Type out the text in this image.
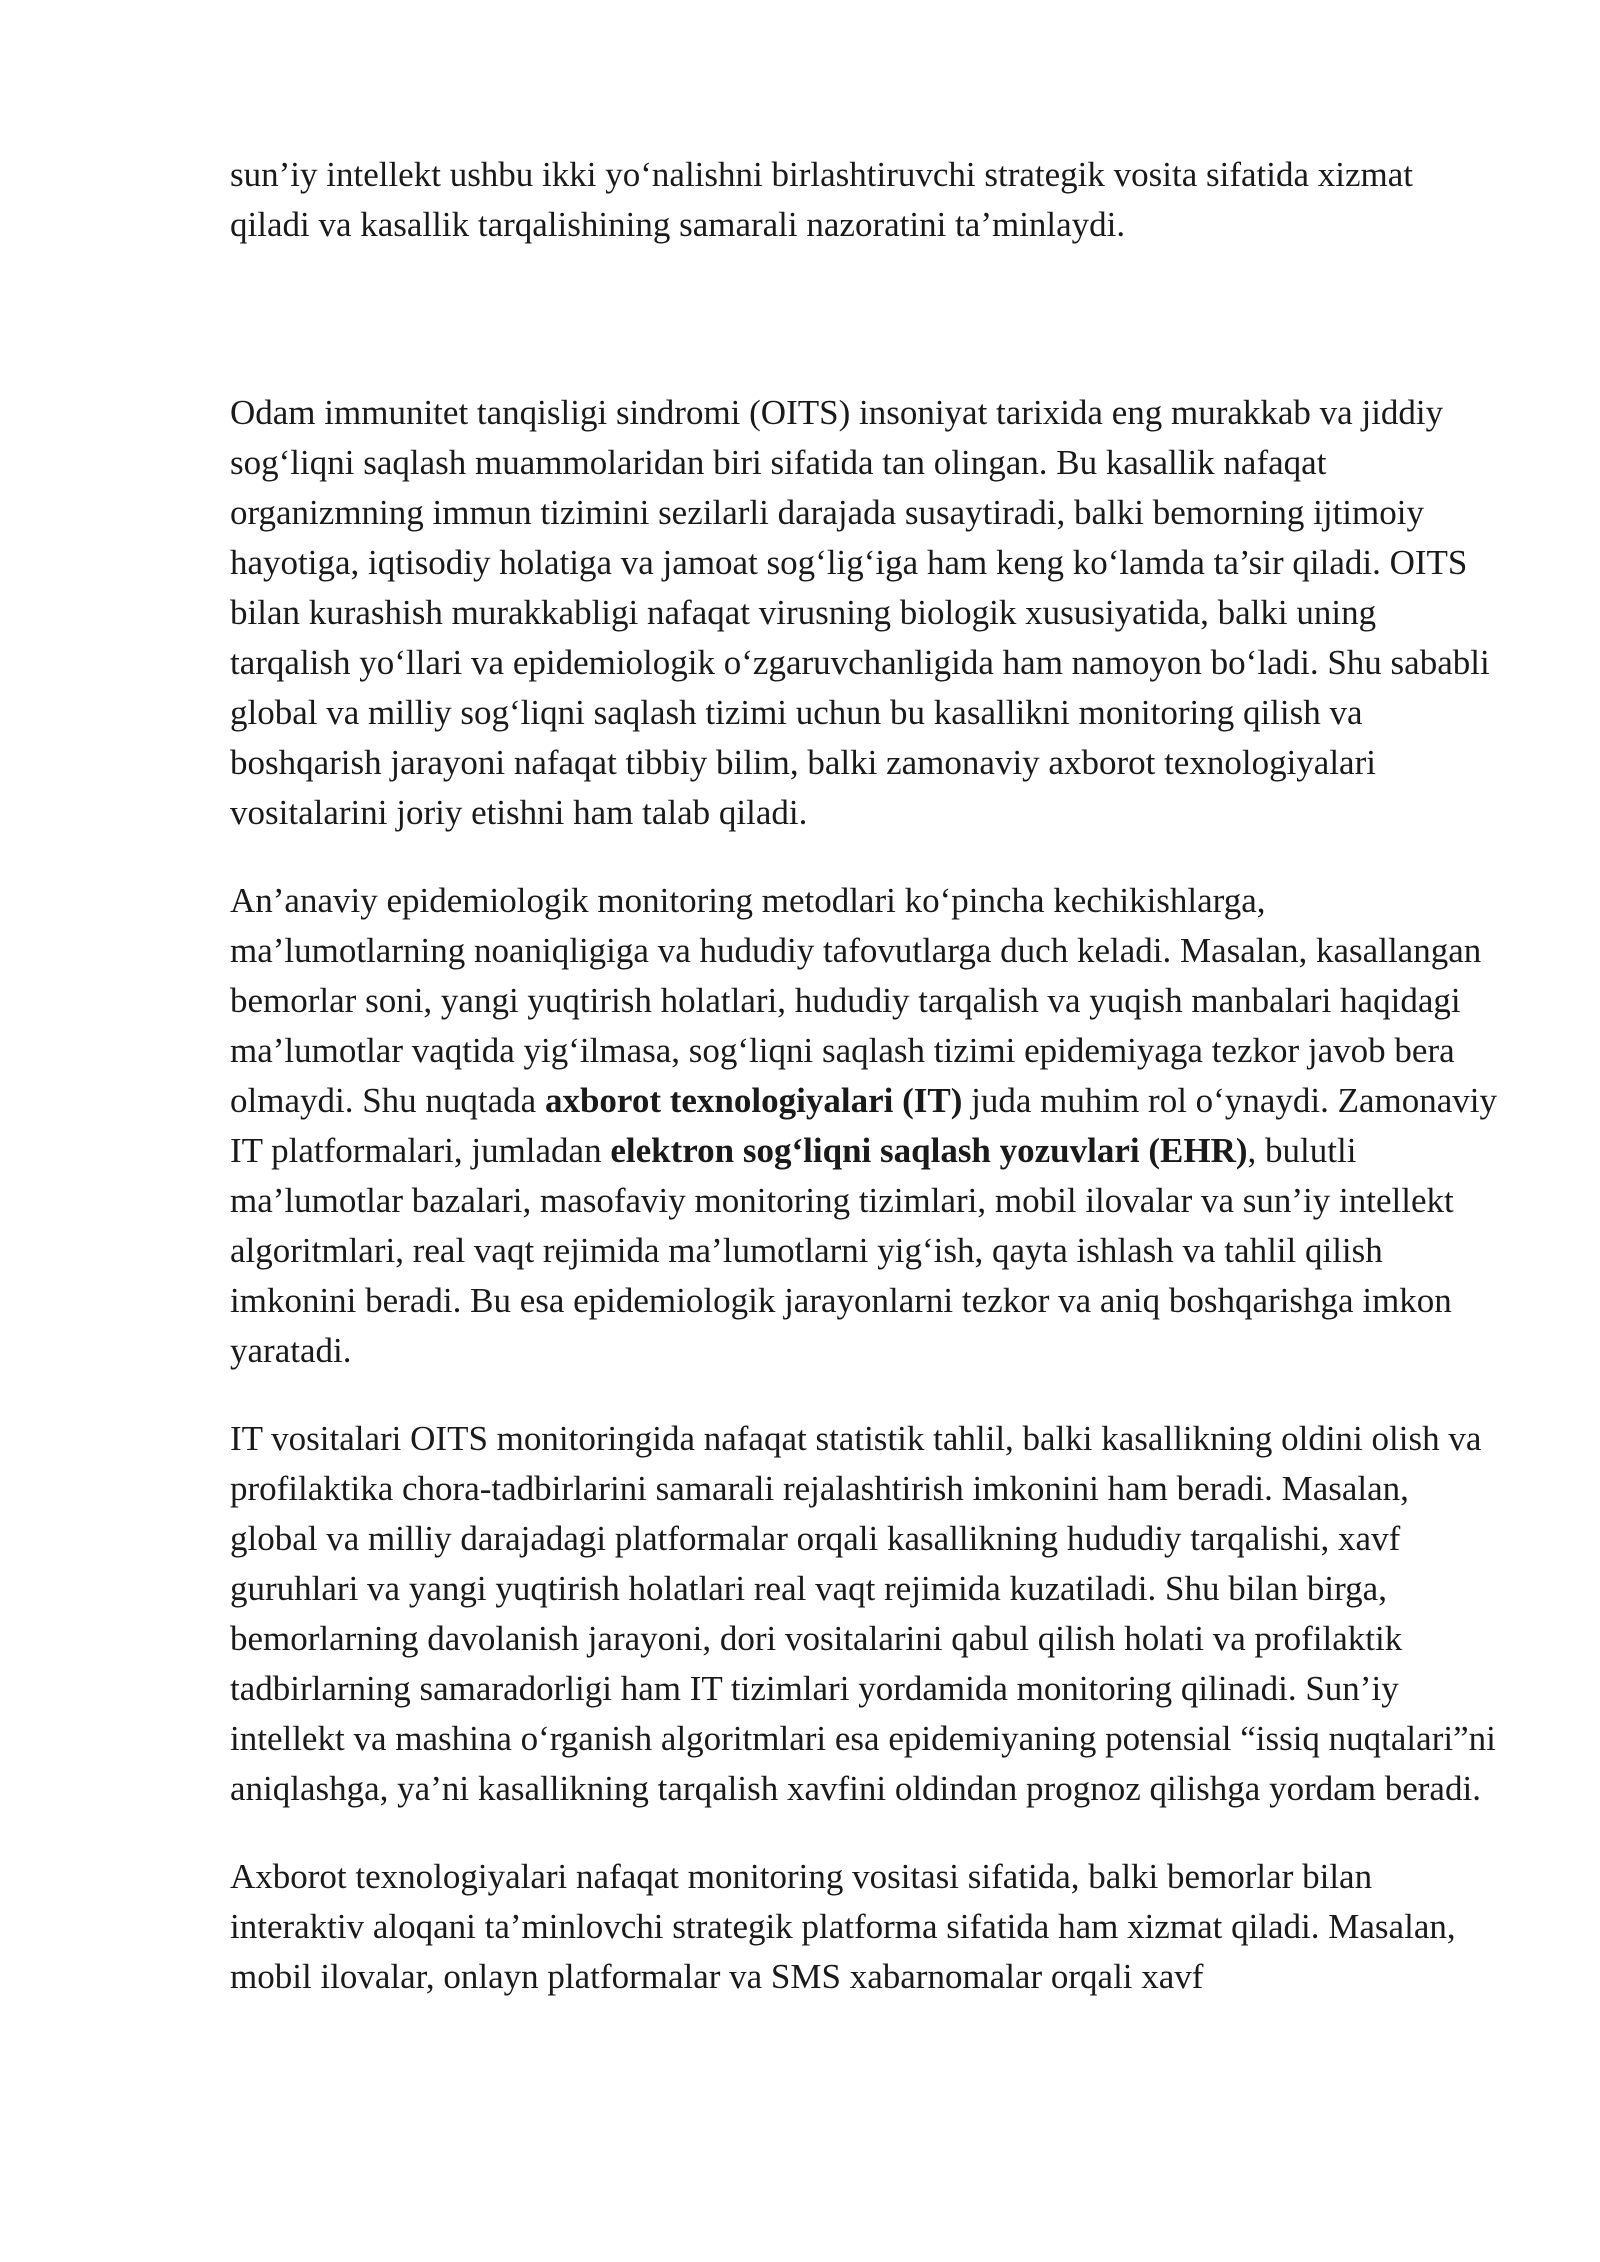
sun’iy intellekt ushbu ikki yo‘nalishni birlashtiruvchi strategik vosita sifatida xizmat qiladi va kasallik tarqalishining samarali nazoratini ta’minlaydi.

Odam immunitet tanqisligi sindromi (OITS) insoniyat tarixida eng murakkab va jiddiy sog‘liqni saqlash muammolaridan biri sifatida tan olingan. Bu kasallik nafaqat organizmning immun tizimini sezilarli darajada susaytiradi, balki bemorning ijtimoiy hayotiga, iqtisodiy holatiga va jamoat sog‘lig‘iga ham keng ko‘lamda ta’sir qiladi. OITS bilan kurashish murakkabligi nafaqat virusning biologik xususiyatida, balki uning tarqalish yo‘llari va epidemiologik o‘zgaruvchanligida ham namoyon bo‘ladi. Shu sababli global va milliy sog‘liqni saqlash tizimi uchun bu kasallikni monitoring qilish va boshqarish jarayoni nafaqat tibbiy bilim, balki zamonaviy axborot texnologiyalari vositalarini joriy etishni ham talab qiladi.

An’anaviy epidemiologik monitoring metodlari ko‘pincha kechikishlarga, ma’lumotlarning noaniqligiga va hududiy tafovutlarga duch keladi. Masalan, kasallangan bemorlar soni, yangi yuqtirish holatlari, hududiy tarqalish va yuqish manbalari haqidagi ma’lumotlar vaqtida yig‘ilmasa, sog‘liqni saqlash tizimi epidemiyaga tezkor javob bera olmaydi. Shu nuqtada axborot texnologiyalari (IT) juda muhim rol o‘ynaydi. Zamonaviy IT platformalari, jumladan elektron sog‘liqni saqlash yozuvlari (EHR), bulutli ma’lumotlar bazalari, masofaviy monitoring tizimlari, mobil ilovalar va sun’iy intellekt algoritmlari, real vaqt rejimida ma’lumotlarni yig‘ish, qayta ishlash va tahlil qilish imkonini beradi. Bu esa epidemiologik jarayonlarni tezkor va aniq boshqarishga imkon yaratadi.

IT vositalari OITS monitoringida nafaqat statistik tahlil, balki kasallikning oldini olish va profilaktika chora-tadbirlarini samarali rejalashtirish imkonini ham beradi. Masalan, global va milliy darajadagi platformalar orqali kasallikning hududiy tarqalishi, xavf guruhlari va yangi yuqtirish holatlari real vaqt rejimida kuzatiladi. Shu bilan birga, bemorlarning davolanish jarayoni, dori vositalarini qabul qilish holati va profilaktik tadbirlarning samaradorligi ham IT tizimlari yordamida monitoring qilinadi. Sun’iy intellekt va mashina o‘rganish algoritmlari esa epidemiyaning potensial “issiq nuqtalari”ni aniqlashga, ya’ni kasallikning tarqalish xavfini oldindan prognoz qilishga yordam beradi.

Axborot texnologiyalari nafaqat monitoring vositasi sifatida, balki bemorlar bilan interaktiv aloqani ta’minlovchi strategik platforma sifatida ham xizmat qiladi. Masalan, mobil ilovalar, onlayn platformalar va SMS xabarnomalar orqali xavf
